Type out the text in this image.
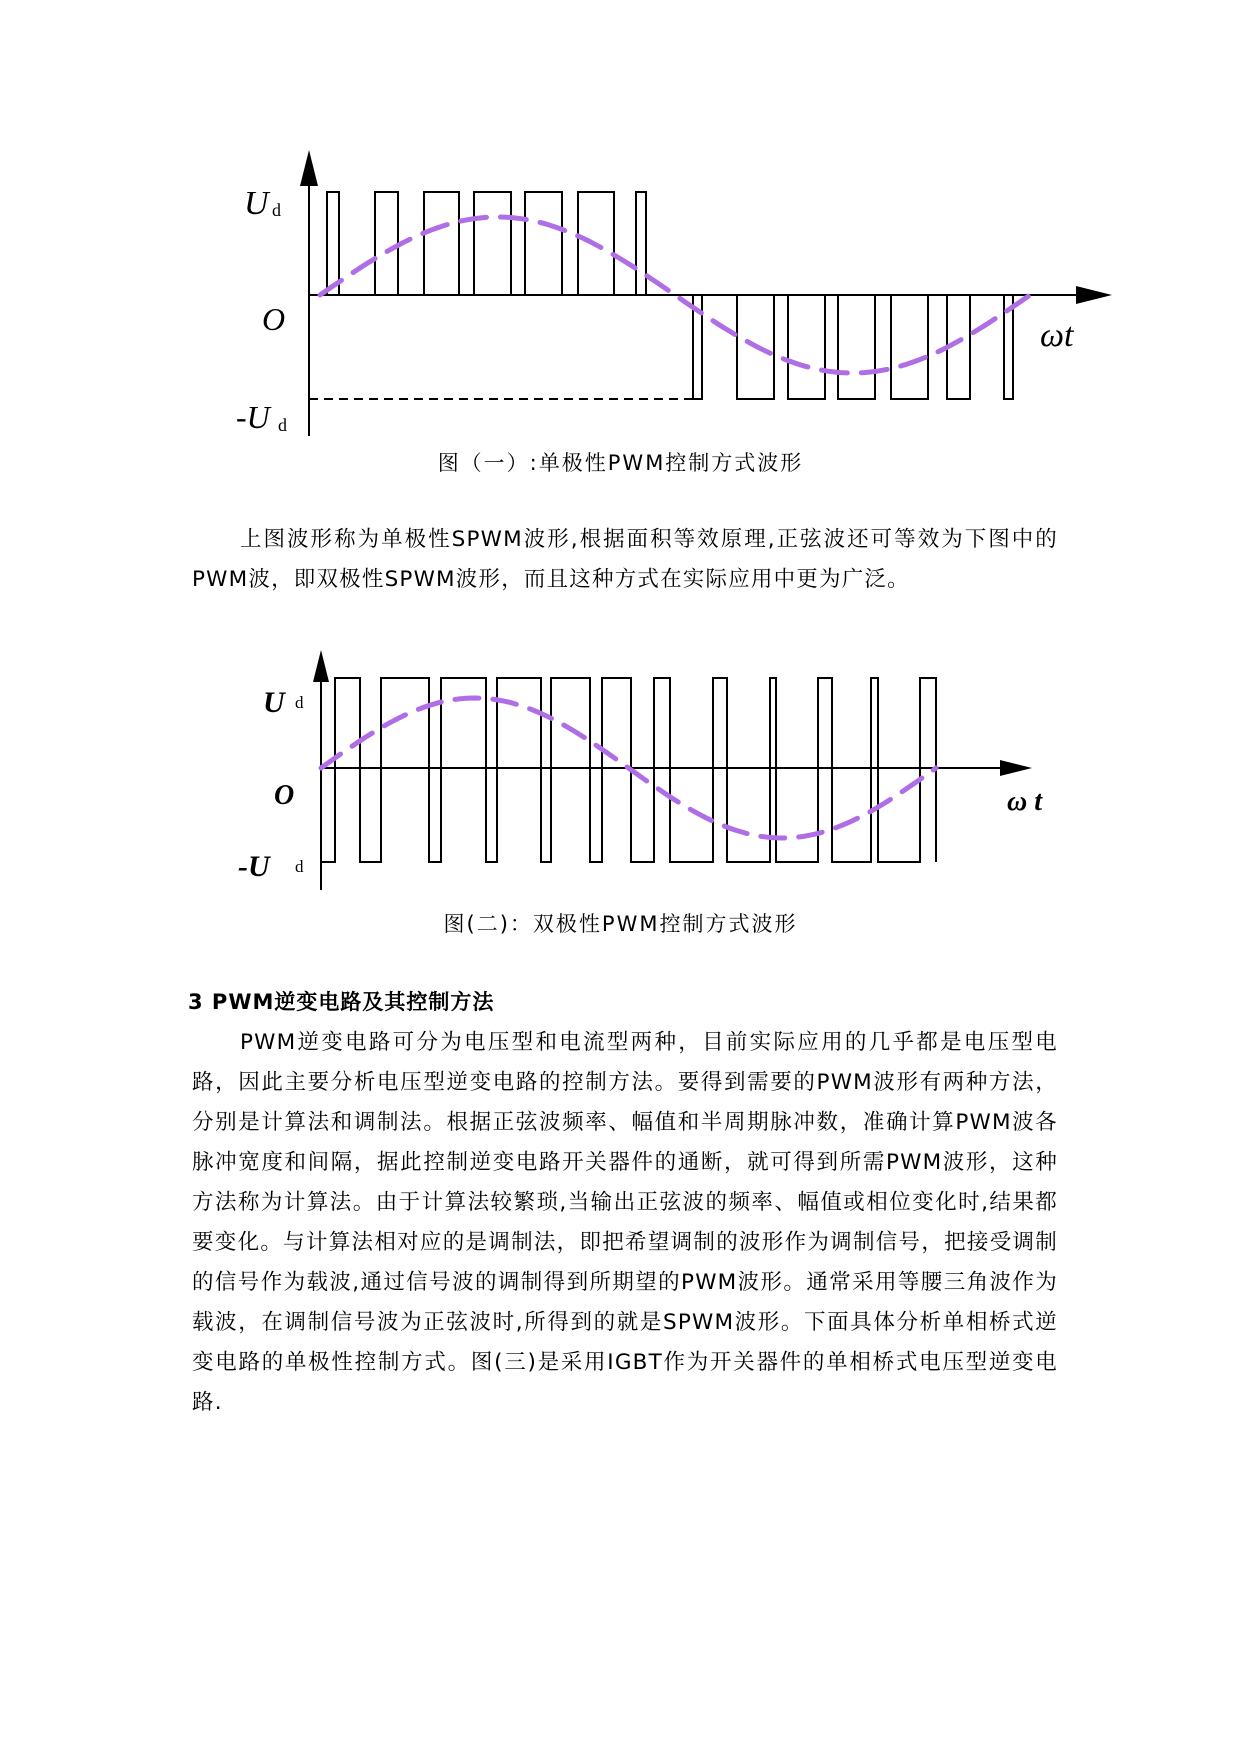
U d
O
-U d
ωt
图（一）:单极性PWM控制方式波形

上图波形称为单极性SPWM波形,根据面积等效原理,正弦波还可等效为下图中的PWM波，即双极性SPWM波形，而且这种方式在实际应用中更为广泛。

U d
O
-U d
ω t
图(二)：双极性PWM控制方式波形
3 PWM逆变电路及其控制方法

PWM逆变电路可分为电压型和电流型两种，目前实际应用的几乎都是电压型电路，因此主要分析电压型逆变电路的控制方法。要得到需要的PWM波形有两种方法，分别是计算法和调制法。根据正弦波频率、幅值和半周期脉冲数，准确计算PWM波各脉冲宽度和间隔，据此控制逆变电路开关器件的通断，就可得到所需PWM波形，这种方法称为计算法。由于计算法较繁琐,当输出正弦波的频率、幅值或相位变化时,结果都要变化。与计算法相对应的是调制法，即把希望调制的波形作为调制信号，把接受调制的信号作为载波,通过信号波的调制得到所期望的PWM波形。通常采用等腰三角波作为载波，在调制信号波为正弦波时,所得到的就是SPWM波形。下面具体分析单相桥式逆变电路的单极性控制方式。图(三)是采用IGBT作为开关器件的单相桥式电压型逆变电路.
